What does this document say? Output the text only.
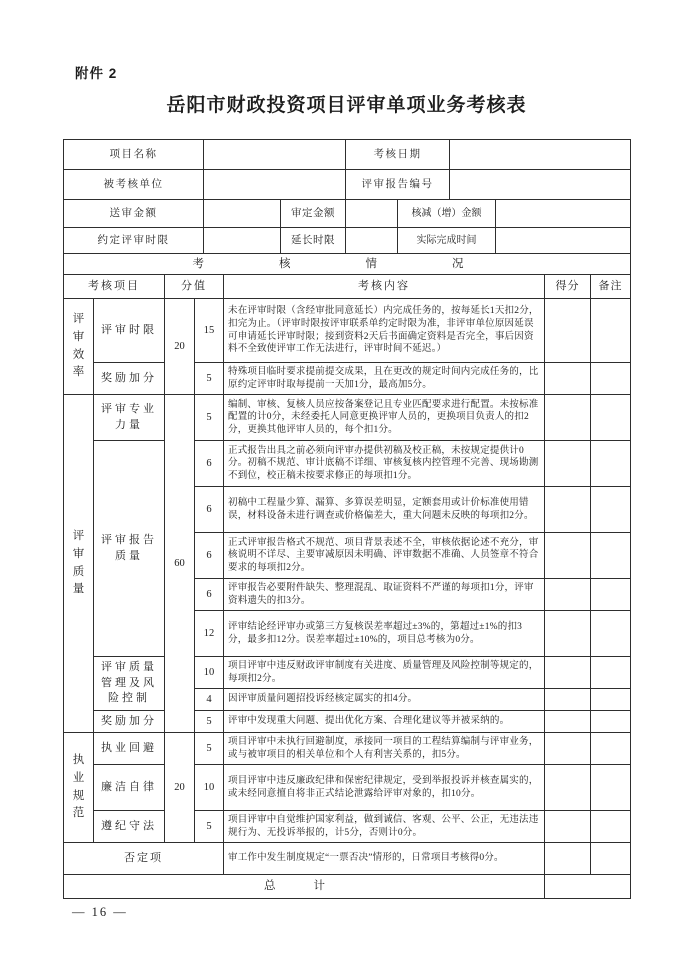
附件 2
岳阳市财政投资项目评审单项业务考核表
项目名称		考核日期	
被考核单位		评审报告编号	
送审金额		审定金额		核减（增）金额	
约定评审时限		延长时限		实际完成时间	
考核情况						
考核项目		分值		考核内容	得分	备注
评审效率	评审时限	20	15	未在评审时限（含经审批同意延长）内完成任务的，按每延长1天扣2分，扣完为止。（评审时限按评审联系单约定时限为准，非评审单位原因延误可申请延长评审时限；接到资料2天后书面确定资料是否完全，事后因资料不全致使评审工作无法进行，评审时间不延迟。）		
	奖励加分		5	特殊项目临时要求提前提交成果，且在更改的规定时间内完成任务的，比原约定评审时取每提前一天加1分，最高加5分。		
评审质量	评审专业力量	60	5	编制、审核、复核人员应按备案登记且专业匹配要求进行配置。未按标准配置的计0分，未经委托人同意更换评审人员的，更换项目负责人的扣2分，更换其他评审人员的，每个扣1分。		
	评审报告质量		6	正式报告出具之前必须向评审办提供初稿及校正稿，未按规定提供计0分。初稿不规范、审计底稿不详细、审核复核内控管理不完善、现场勘测不到位，校正稿未按要求修正的每项扣1分。		
			6	初稿中工程量少算、漏算、多算误差明显，定额套用或计价标准使用错误，材料设备未进行调查或价格偏差大，重大问题未反映的每项扣2分。		
			6	正式评审报告格式不规范、项目背景表述不全，审核依据论述不充分，审核说明不详尽、主要审减原因未明确、评审数据不准确、人员签章不符合要求的每项扣2分。		
			6	评审报告必要附件缺失、整理混乱、取证资料不严谨的每项扣1分，评审资料遗失的扣3分。		
			12	评审结论经评审办或第三方复核误差率超过±3%的，第超过±1%的扣3分，最多扣12分。误差率超过±10%的，项目总考核为0分。		
	评审质量管理及风险控制		10	项目评审中违反财政评审制度有关进度、质量管理及风险控制等规定的，每项扣2分。		
			4	因评审质量问题招投诉经核定属实的扣4分。		
	奖励加分		5	评审中发现重大问题、提出优化方案、合理化建议等并被采纳的。		
执业规范	执业回避	20	5	项目评审中未执行回避制度，承接同一项目的工程结算编制与评审业务，或与被审项目的相关单位和个人有利害关系的，扣5分。		
	廉洁自律		10	项目评审中违反廉政纪律和保密纪律规定，受到举报投诉并核查属实的，或未经同意擅自将非正式结论泄露给评审对象的，扣10分。		
	遵纪守法		5	项目评审中自觉维护国家利益，做到诚信、客观、公平、公正，无违法违规行为、无投诉举报的，计5分，否则计0分。		
否定项				审工作中发生制度规定“一票否决”情形的，日常项目考核得0分。		
总计						
— 16 —
